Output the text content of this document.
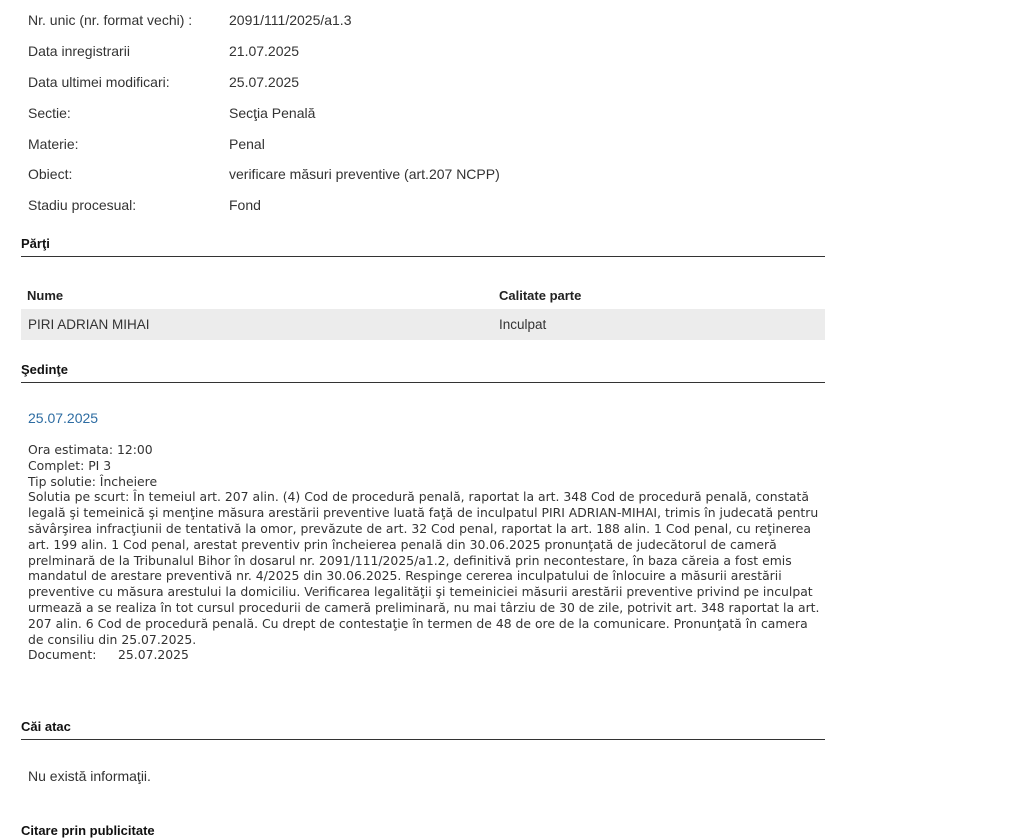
Nr. unic (nr. format vechi) :	2091/111/2025/a1.3
Data inregistrarii	21.07.2025
Data ultimei modificari:	25.07.2025
Sectie:	Secţia Penală
Materie:	Penal
Obiect:	verificare măsuri preventive (art.207 NCPP)
Stadiu procesual:	Fond
Părţi
Nume	Calitate parte
PIRI ADRIAN MIHAI	Inculpat
Şedinţe
25.07.2025
Ora estimata: 12:00
Complet: PI 3
Tip solutie: Încheiere
Solutia pe scurt: În temeiul art. 207 alin. (4) Cod de procedură penală, raportat la art. 348 Cod de procedură penală, constată legală şi temeinică şi menţine măsura arestării preventive luată faţă de inculpatul PIRI ADRIAN-MIHAI, trimis în judecată pentru săvârşirea infracţiunii de tentativă la omor, prevăzute de art. 32 Cod penal, raportat la art. 188 alin. 1 Cod penal, cu reţinerea art. 199 alin. 1 Cod penal, arestat preventiv prin încheierea penală din 30.06.2025 pronunţată de judecătorul de cameră prelminară de la Tribunalul Bihor în dosarul nr. 2091/111/2025/a1.2, definitivă prin necontestare, în baza căreia a fost emis mandatul de arestare preventivă nr. 4/2025 din 30.06.2025. Respinge cererea inculpatului de înlocuire a măsurii arestării preventive cu măsura arestului la domiciliu. Verificarea legalităţii şi temeiniciei măsurii arestării preventive privind pe inculpat urmează a se realiza în tot cursul procedurii de cameră preliminară, nu mai târziu de 30 de zile, potrivit art. 348 raportat la art. 207 alin. 6 Cod de procedură penală. Cu drept de contestaţie în termen de 48 de ore de la comunicare. Pronunţată în camera de consiliu din 25.07.2025.
Document: 25.07.2025
Căi atac
Nu există informaţii.
Citare prin publicitate
